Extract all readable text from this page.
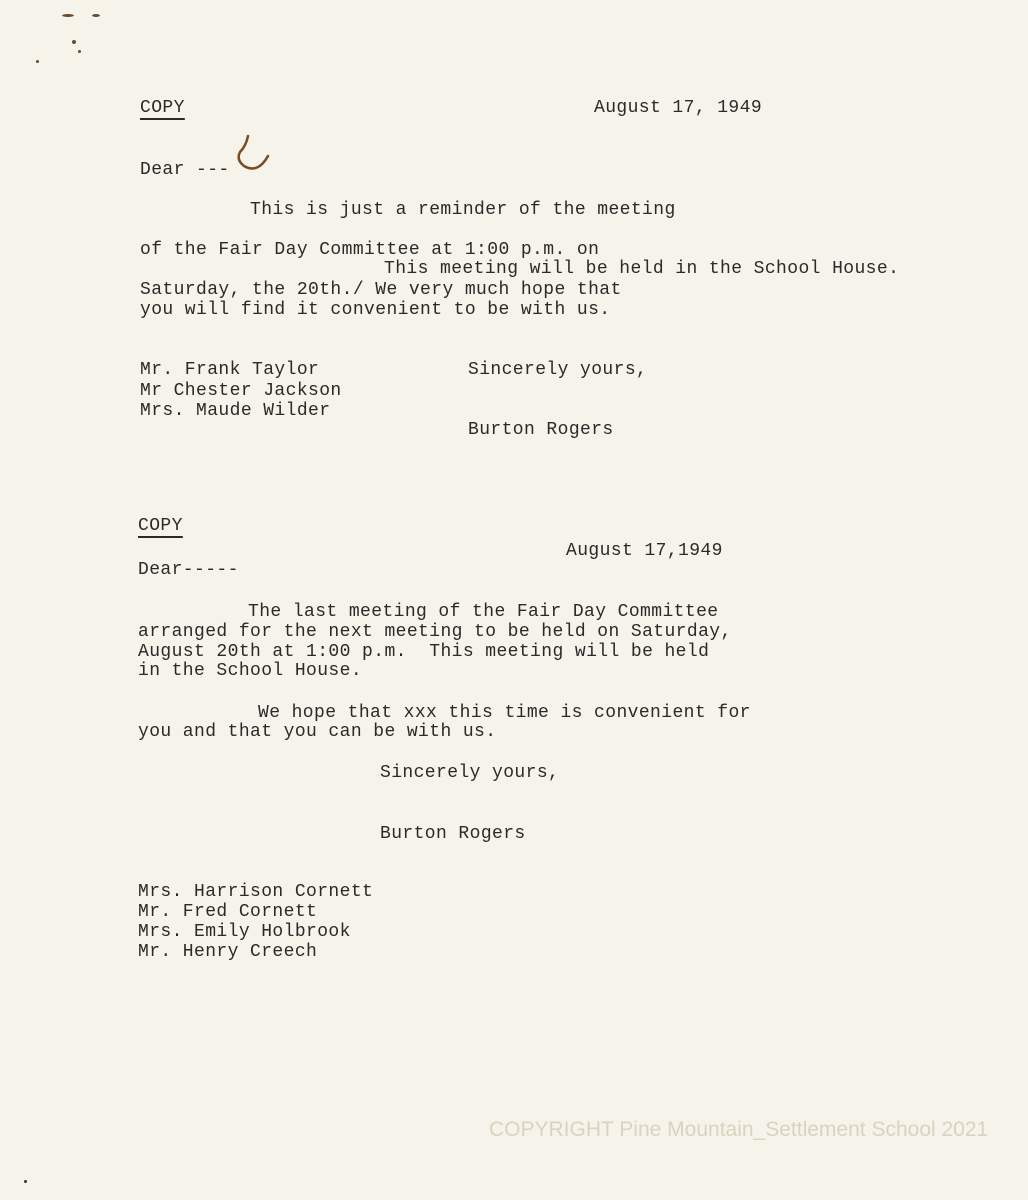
COPY	August 17, 1949
Dear ---
This is just a reminder of the meeting
of the Fair Day Committee at 1:00 p.m. on
This meeting will be held in the School House.
Saturday, the 20th./ We very much hope that
you will find it convenient to be with us.
Mr. Frank Taylor
Mr Chester Jackson
Mrs. Maude Wilder
Sincerely yours,
Burton Rogers
COPY
August 17,1949
Dear-----
The last meeting of the Fair Day Committee
arranged for the next meeting to be held on Saturday,
August 20th at 1:00 p.m.  This meeting will be held
in the School House.
We hope that xxx this time is convenient for
you and that you can be with us.
Sincerely yours,
Burton Rogers
Mrs. Harrison Cornett
Mr. Fred Cornett
Mrs. Emily Holbrook
Mr. Henry Creech
COPYRIGHT Pine Mountain_Settlement School 2021
